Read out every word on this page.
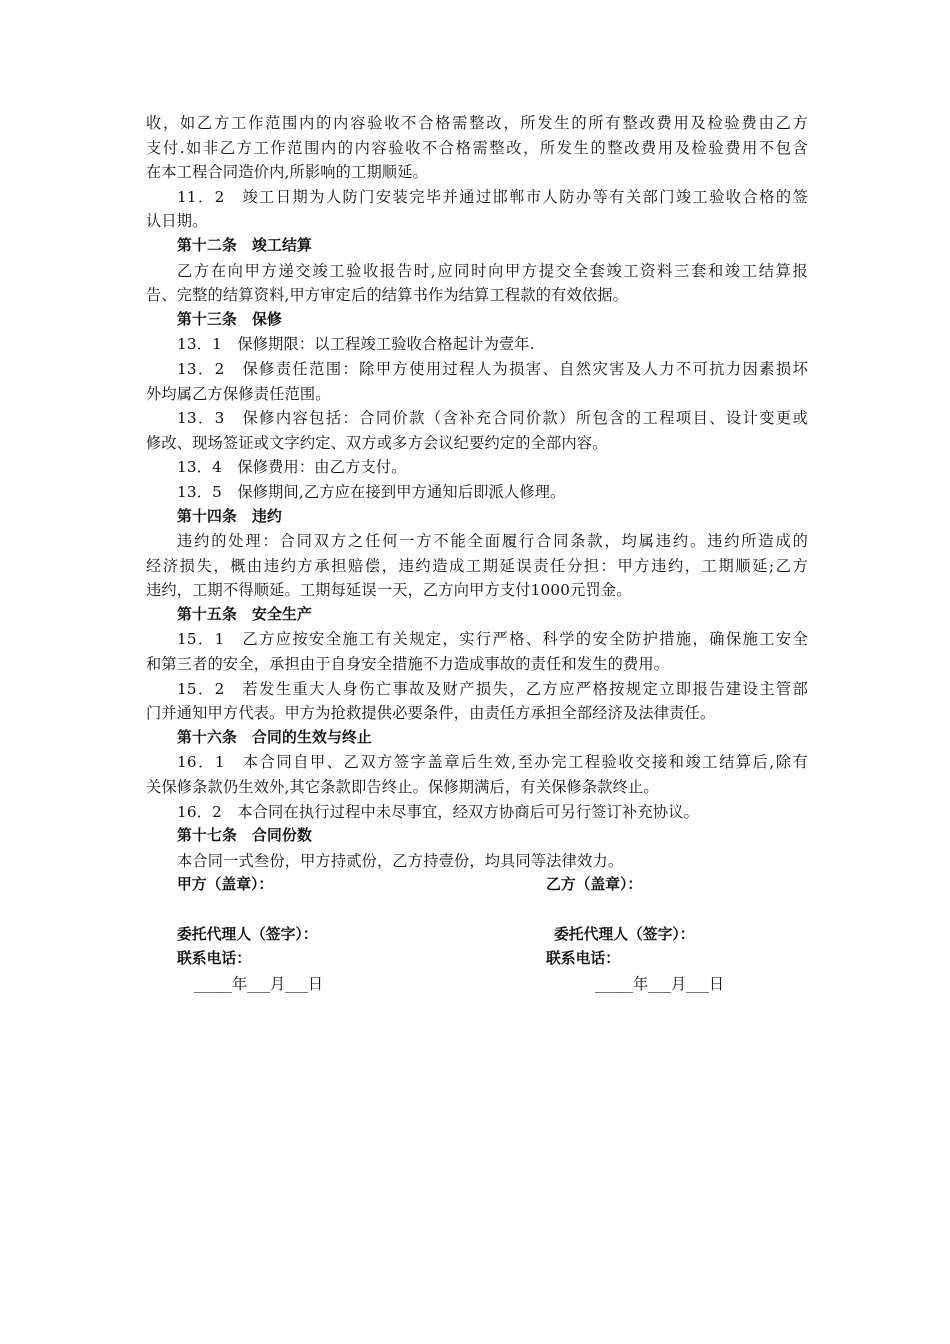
收，如乙方工作范围内的内容验收不合格需整改，所发生的所有整改费用及检验费由乙方
支付.如非乙方工作范围内的内容验收不合格需整改，所发生的整改费用及检验费用不包含
在本工程合同造价内,所影响的工期顺延。
11．2　竣工日期为人防门安装完毕并通过邯郸市人防办等有关部门竣工验收合格的签
认日期。
第十二条　竣工结算
乙方在向甲方递交竣工验收报告时,应同时向甲方提交全套竣工资料三套和竣工结算报
告、完整的结算资料,甲方审定后的结算书作为结算工程款的有效依据。
第十三条　保修
13．1　保修期限：以工程竣工验收合格起计为壹年.
13．2　保修责任范围：除甲方使用过程人为损害、自然灾害及人力不可抗力因素损坏
外均属乙方保修责任范围。
13．3　保修内容包括：合同价款（含补充合同价款）所包含的工程项目、设计变更或
修改、现场签证或文字约定、双方或多方会议纪要约定的全部内容。
13．4　保修费用：由乙方支付。
13．5　保修期间,乙方应在接到甲方通知后即派人修理。
第十四条　违约
违约的处理：合同双方之任何一方不能全面履行合同条款，均属违约。违约所造成的
经济损失，概由违约方承担赔偿，违约造成工期延误责任分担：甲方违约，工期顺延;乙方
违约，工期不得顺延。工期每延误一天，乙方向甲方支付1000元罚金。
第十五条　安全生产
15．1　乙方应按安全施工有关规定，实行严格、科学的安全防护措施，确保施工安全
和第三者的安全，承担由于自身安全措施不力造成事故的责任和发生的费用。
15．2　若发生重大人身伤亡事故及财产损失，乙方应严格按规定立即报告建设主管部
门并通知甲方代表。甲方为抢救提供必要条件，由责任方承担全部经济及法律责任。
第十六条　合同的生效与终止
16．1　本合同自甲、乙双方签字盖章后生效,至办完工程验收交接和竣工结算后,除有
关保修条款仍生效外,其它条款即告终止。保修期满后，有关保修条款终止。
16．2　本合同在执行过程中未尽事宜，经双方协商后可另行签订补充协议。
第十七条　合同份数
本合同一式叁份，甲方持贰份，乙方持壹份，均具同等法律效力。
甲方（盖章）：	乙方（盖章）：
委托代理人（签字）：	委托代理人（签字）：
联系电话：	联系电话：
_____年___月___日	_____年___月___日
